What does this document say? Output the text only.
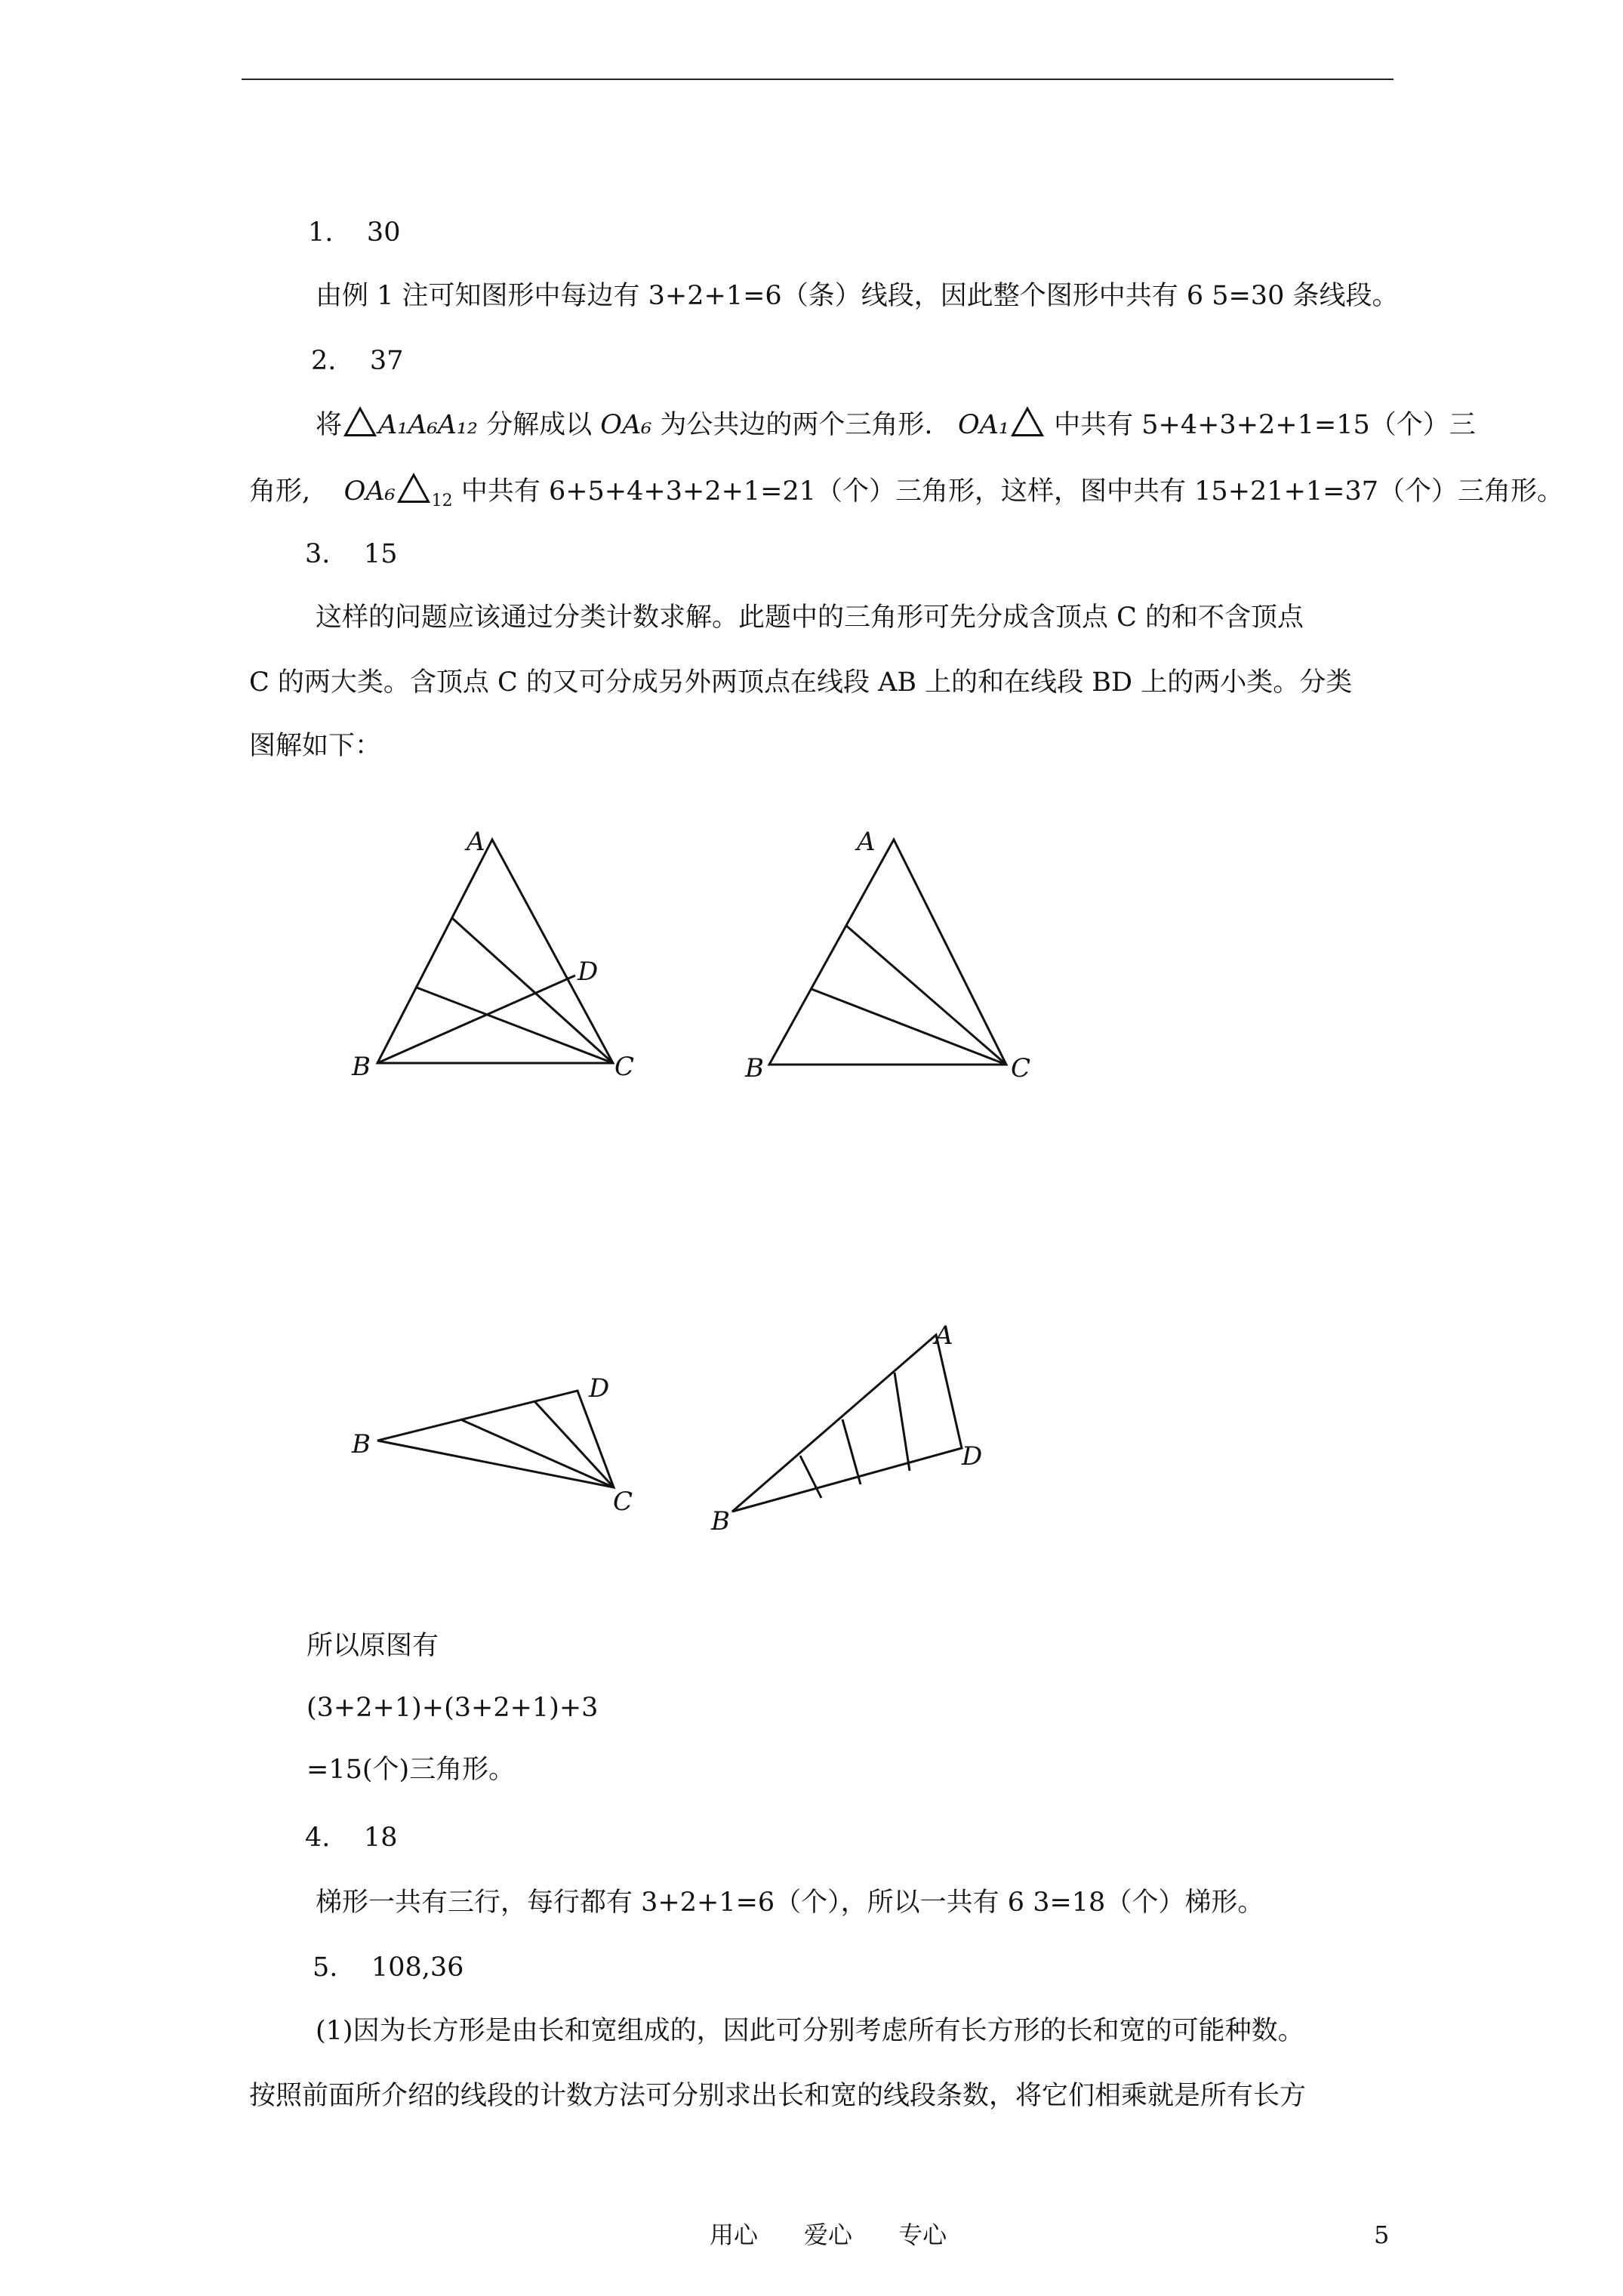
1. 30
由例 1 注可知图形中每边有 3+2+1=6（条）线段，因此整个图形中共有 6 5=30 条线段。
2. 37
将 A₁A₆A₁₂ 分解成以 OA₆ 为公共边的两个三角形. OA₁ 中共有 5+4+3+2+1=15（个）三
角形, OA₆ $_{12}$ 中共有 6+5+4+3+2+1=21（个）三角形，这样，图中共有 15+21+1=37（个）三角形。
3. 15
这样的问题应该通过分类计数求解。此题中的三角形可先分成含顶点 C 的和不含顶点
C 的两大类。含顶点 C 的又可分成另外两顶点在线段 AB 上的和在线段 BD 上的两小类。分类
图解如下：
A
B	C
D
A
B	C
B
D
C
A
D
B
所以原图有
(3+2+1)+(3+2+1)+3
=15(个)三角形。
4. 18
梯形一共有三行，每行都有 3+2+1=6（个），所以一共有 6 3=18（个）梯形。
5. 108,36
(1)因为长方形是由长和宽组成的，因此可分别考虑所有长方形的长和宽的可能种数。
按照前面所介绍的线段的计数方法可分别求出长和宽的线段条数，将它们相乘就是所有长方
用心      爱心      专心	5
